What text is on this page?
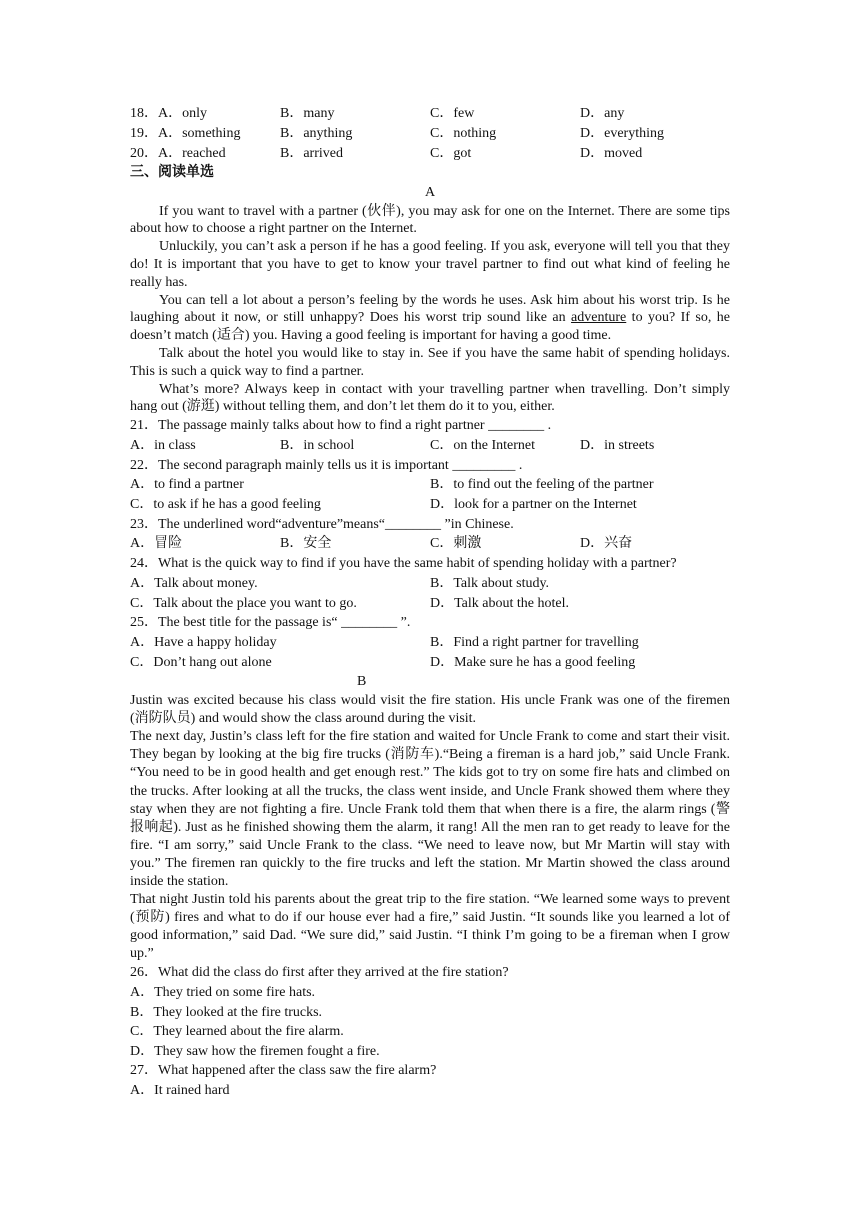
18．A．only	B．many	C．few	D．any
19．A．something	B．anything	C．nothing	D．everything
20．A．reached	B．arrived	C．got	D．moved
三、阅读单选
A
If you want to travel with a partner (伙伴), you may ask for one on the Internet. There are some tips about how to choose a right partner on the Internet.
Unluckily, you can’t ask a person if he has a good feeling. If you ask, everyone will tell you that they do! It is important that you have to get to know your travel partner to find out what kind of feeling he really has.
You can tell a lot about a person’s feeling by the words he uses. Ask him about his worst trip. Is he laughing about it now, or still unhappy? Does his worst trip sound like an adventure to you? If so, he doesn’t match (适合) you. Having a good feeling is important for having a good time.
Talk about the hotel you would like to stay in. See if you have the same habit of spending holidays. This is such a quick way to find a partner.
What’s more? Always keep in contact with your travelling partner when travelling. Don’t simply hang out (游逛) without telling them, and don’t let them do it to you, either.
21．The passage mainly talks about how to find a right partner ________ .
A．in class	B．in school	C．on the Internet	D．in streets
22．The second paragraph mainly tells us it is important _________ .
A．to find a partner	B．to find out the feeling of the partner
C．to ask if he has a good feeling	D．look for a partner on the Internet
23．The underlined word“adventure”means“________ ”in Chinese.
A．冒险	B．安全	C．刺激	D．兴奋
24．What is the quick way to find if you have the same habit of spending holiday with a partner?
A．Talk about money.	B．Talk about study.
C．Talk about the place you want to go.	D．Talk about the hotel.
25．The best title for the passage is“ ________ ”.
A．Have a happy holiday	B．Find a right partner for travelling
C．Don’t hang out alone	D．Make sure he has a good feeling
B
Justin was excited because his class would visit the fire station. His uncle Frank was one of the firemen (消防队员) and would show the class around during the visit.
The next day, Justin’s class left for the fire station and waited for Uncle Frank to come and start their visit. They began by looking at the big fire trucks (消防车).“Being a fireman is a hard job,” said Uncle Frank. “You need to be in good health and get enough rest.” The kids got to try on some fire hats and climbed on the trucks. After looking at all the trucks, the class went inside, and Uncle Frank showed them where they stay when they are not fighting a fire. Uncle Frank told them that when there is a fire, the alarm rings (警报响起). Just as he finished showing them the alarm, it rang! All the men ran to get ready to leave for the fire. “I am sorry,” said Uncle Frank to the class. “We need to leave now, but Mr Martin will stay with you.” The firemen ran quickly to the fire trucks and left the station. Mr Martin showed the class around inside the station.
That night Justin told his parents about the great trip to the fire station. “We learned some ways to prevent (预防) fires and what to do if our house ever had a fire,” said Justin. “It sounds like you learned a lot of good information,” said Dad. “We sure did,” said Justin. “I think I’m going to be a fireman when I grow up.”
26．What did the class do first after they arrived at the fire station?
A．They tried on some fire hats.
B．They looked at the fire trucks.
C．They learned about the fire alarm.
D．They saw how the firemen fought a fire.
27．What happened after the class saw the fire alarm?
A．It rained hard
